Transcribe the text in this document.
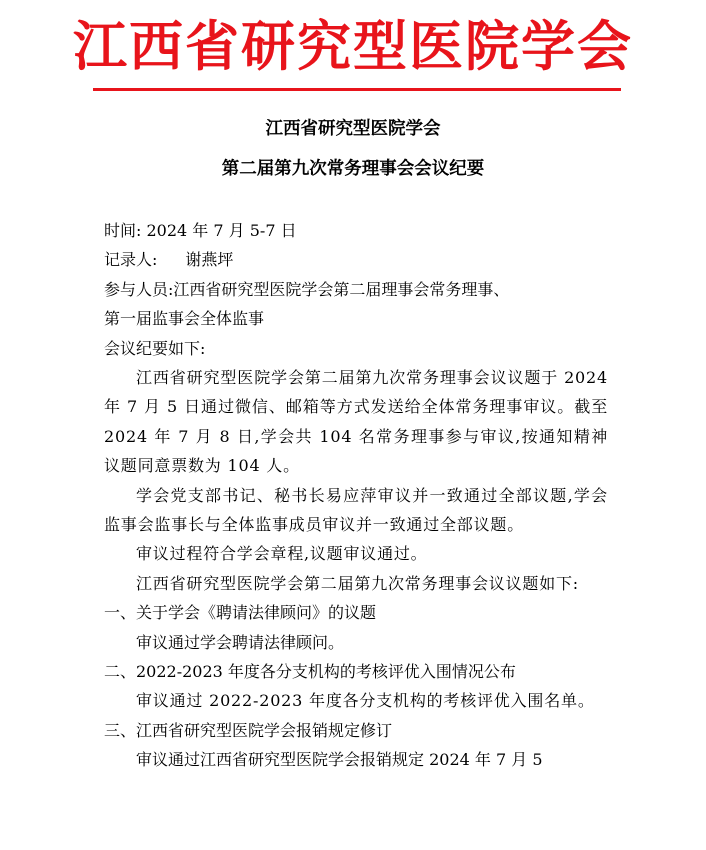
江西省研究型医院学会
江西省研究型医院学会
第二届第九次常务理事会会议纪要
时间: 2024 年 7 月 5-7 日
记录人: 谢燕坪
参与人员:江西省研究型医院学会第二届理事会常务理事、
第一届监事会全体监事
会议纪要如下:
江西省研究型医院学会第二届第九次常务理事会议议题于 2024 年 7 月 5 日通过微信、邮箱等方式发送给全体常务理事审议。截至 2024 年 7 月 8 日,学会共 104 名常务理事参与审议,按通知精神议题同意票数为 104 人。
学会党支部书记、秘书长易应萍审议并一致通过全部议题,学会监事会监事长与全体监事成员审议并一致通过全部议题。
审议过程符合学会章程,议题审议通过。
江西省研究型医院学会第二届第九次常务理事会议议题如下:
一、关于学会《聘请法律顾问》的议题
审议通过学会聘请法律顾问。
二、2022-2023 年度各分支机构的考核评优入围情况公布
审议通过 2022-2023 年度各分支机构的考核评优入围名单。
三、江西省研究型医院学会报销规定修订
审议通过江西省研究型医院学会报销规定 2024 年 7 月 5
